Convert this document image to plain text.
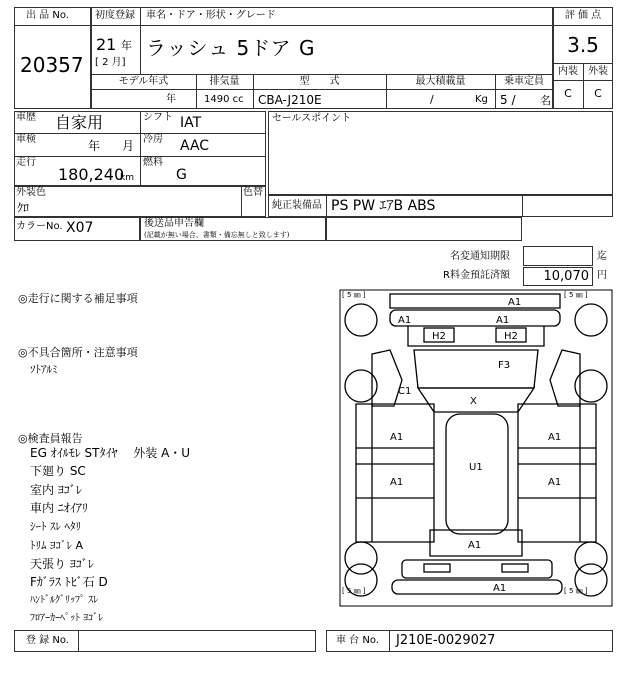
出 品 No.
20357
初度登録 車名・ドア・形状・グレード
21 年
[ 2 月]
ラッシュ 5ドア G
モデル年式	排気量	型　　式	最大積載量	乗車定員
年	1490 cc CBA-J210E	/	Kg 5 / 名
評 価 点
3.5
内装	外装
C	C
車歴 自家用	シフト IAT
車検	年 月 冷房 AAC
走行
180,240
km
燃料
G
セールスポイント
外装色
ｸﾛ
色替
純正装備品 PS PW ｴｱB ABS
カラーNo. X07	後送品申告欄
(記載が無い場合、書類・備忘無しと致します)
名変通知期限	迄
R料金預託済額	10,070 円
◎走行に関する補足事項
◎不具合箇所・注意事項
ｿﾄｱﾙﾐ
◎検査員報告
EG ｵｲﾙﾓﾚ STﾀｲﾔ　 外装 A・U
下廻り SC
室内 ﾖｺﾞﾚ
車内 ﾆｵｲｱﾘ
ｼｰﾄ ｽﾚ ﾍﾀﾘ
ﾄﾘﾑ ﾖｺﾞﾚ A
天張り ﾖｺﾞﾚ
Fｶﾞﾗｽ ﾄﾋﾞ石 D
ﾊﾝﾄﾞﾙｸﾞﾘｯﾌﾟ ｽﾚ
ﾌﾛｱｰｶｰﾍﾟｯﾄ ﾖｺﾞﾚ
[ 5 ㎜ ]	[ 5 ㎜ ]
[ 5 ㎜ ]	[ 5 ㎜ ]
A1
A1	A1
H2	H2
F3
C1
X
A1	A1
U1
A1	A1
A1
A1
登 録 No.	車 台 No. J210E-0029027
